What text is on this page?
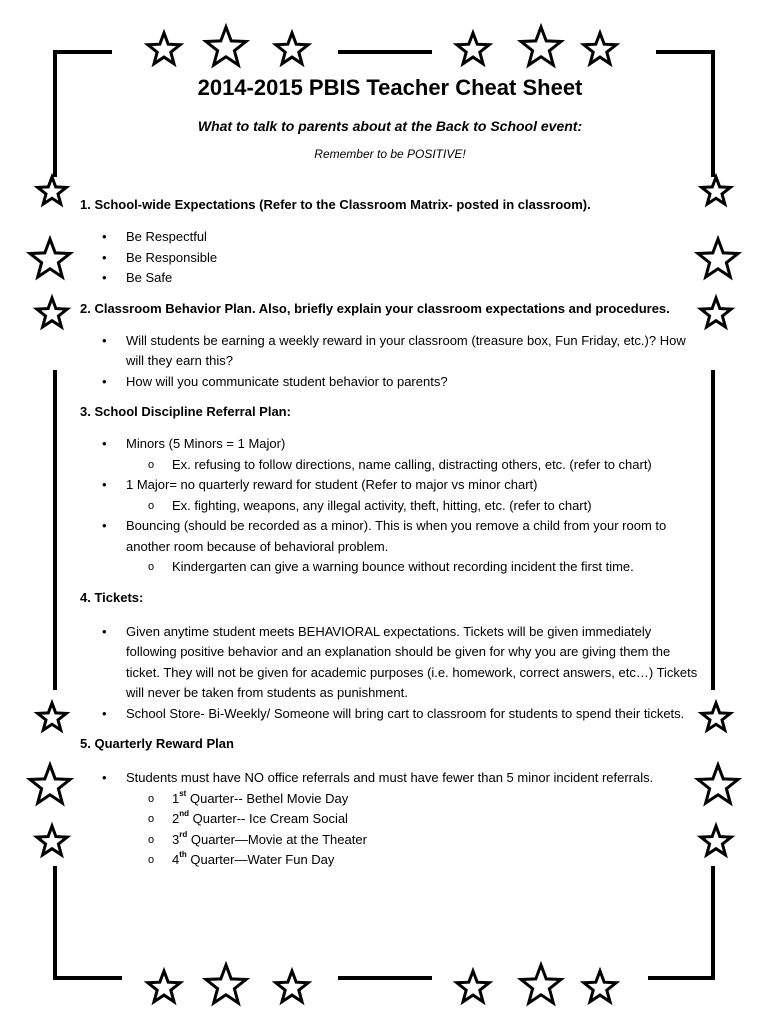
2014-2015 PBIS Teacher Cheat Sheet
What to talk to parents about at the Back to School event:
Remember to be POSITIVE!

1. School-wide Expectations (Refer to the Classroom Matrix- posted in classroom).

• Be Respectful
• Be Responsible
• Be Safe

2. Classroom Behavior Plan. Also, briefly explain your classroom expectations and procedures.

• Will students be earning a weekly reward in your classroom (treasure box, Fun Friday, etc.)? How will they earn this?
• How will you communicate student behavior to parents?

3. School Discipline Referral Plan:

• Minors (5 Minors = 1 Major)
o Ex. refusing to follow directions, name calling, distracting others, etc. (refer to chart)
• 1 Major= no quarterly reward for student (Refer to major vs minor chart)
o Ex. fighting, weapons, any illegal activity, theft, hitting, etc. (refer to chart)
• Bouncing (should be recorded as a minor). This is when you remove a child from your room to another room because of behavioral problem.
o Kindergarten can give a warning bounce without recording incident the first time.

4. Tickets:

• Given anytime student meets BEHAVIORAL expectations. Tickets will be given immediately following positive behavior and an explanation should be given for why you are giving them the ticket. They will not be given for academic purposes (i.e. homework, correct answers, etc…) Tickets will never be taken from students as punishment.
• School Store- Bi-Weekly/ Someone will bring cart to classroom for students to spend their tickets.

5. Quarterly Reward Plan

• Students must have NO office referrals and must have fewer than 5 minor incident referrals.
o 1st Quarter-- Bethel Movie Day
o 2nd Quarter-- Ice Cream Social
o 3rd Quarter—Movie at the Theater
o 4th Quarter—Water Fun Day
